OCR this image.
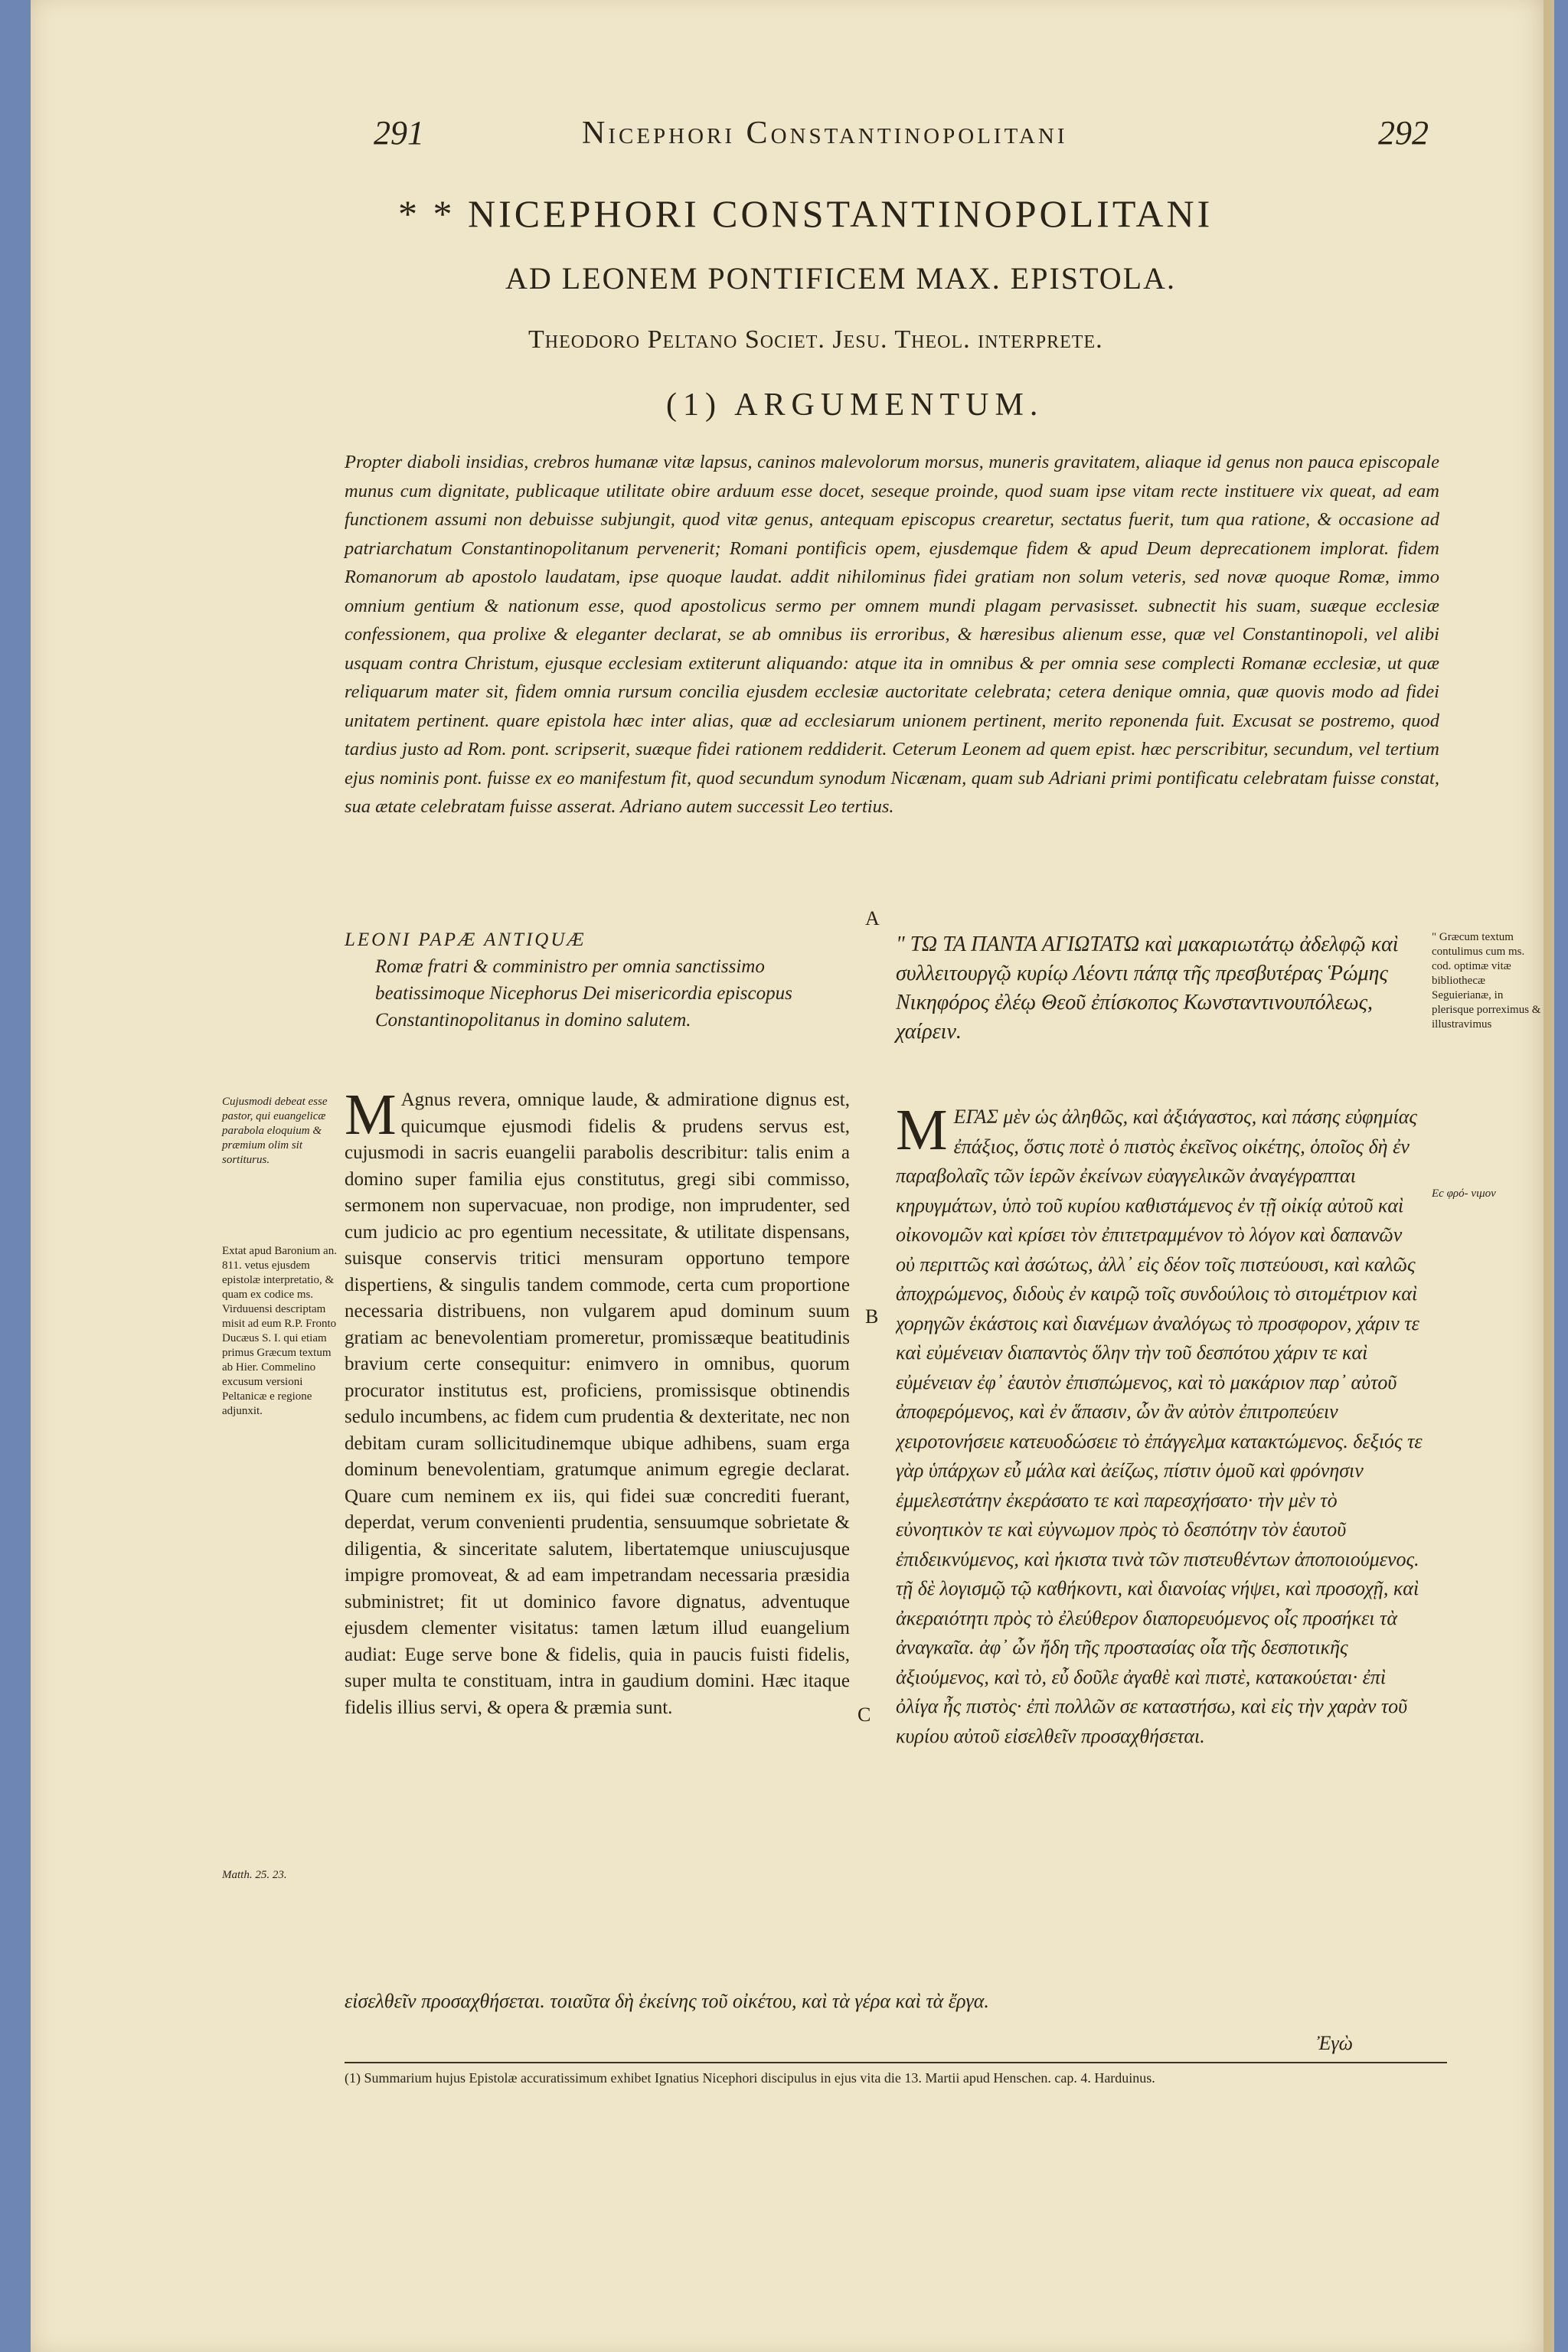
291	Nicephori Constantinopolitani	292
* * NICEPHORI CONSTANTINOPOLITANI
AD LEONEM PONTIFICEM MAX. EPISTOLA.
Theodoro Peltano Societ. Jesu. Theol. interprete.
(1) ARGUMENTUM.
Propter diaboli insidias, crebros humanæ vitæ lapsus, caninos malevolorum morsus, muneris gravitatem, aliaque id genus non pauca episcopale munus cum dignitate, publicaque utilitate obire arduum esse docet, seseque proinde, quod suam ipse vitam recte instituere vix queat, ad eam functionem assumi non debuisse subjungit, quod vitæ genus, antequam episcopus crearetur, sectatus fuerit, tum qua ratione, & occasione ad patriarchatum Constantinopolitanum pervenerit; Romani pontificis opem, ejusdemque fidem & apud Deum deprecationem implorat. fidem Romanorum ab apostolo laudatam, ipse quoque laudat. addit nihilominus fidei gratiam non solum veteris, sed novæ quoque Romæ, immo omnium gentium & nationum esse, quod apostolicus sermo per omnem mundi plagam pervasisset. subnectit his suam, suæque ecclesiæ confessionem, qua prolixe & eleganter declarat, se ab omnibus iis erroribus, & hæresibus alienum esse, quæ vel Constantinopoli, vel alibi usquam contra Christum, ejusque ecclesiam extiterunt aliquando: atque ita in omnibus & per omnia sese complecti Romanæ ecclesiæ, ut quæ reliquarum mater sit, fidem omnia rursum concilia ejusdem ecclesiæ auctoritate celebrata; cetera denique omnia, quæ quovis modo ad fidei unitatem pertinent. quare epistola hæc inter alias, quæ ad ecclesiarum unionem pertinent, merito reponenda fuit. Excusat se postremo, quod tardius justo ad Rom. pont. scripserit, suæque fidei rationem reddiderit. Ceterum Leonem ad quem epist. hæc perscribitur, secundum, vel tertium ejus nominis pont. fuisse ex eo manifestum fit, quod secundum synodum Nicænam, quam sub Adriani primi pontificatu celebratam fuisse constat, sua ætate celebratam fuisse asserat. Adriano autem successit Leo tertius.
A
B
C
LEONI PAPÆ ANTIQUÆ
Romæ fratri & comministro per omnia sanctissimo beatissimoque Nicephorus Dei misericordia episcopus Constantinopolitanus in domino salutem.
M Agnus revera, omnique laude, & admiratione dignus est, quicumque ejusmodi fidelis & prudens servus est, cujusmodi in sacris euangelii parabolis describitur: talis enim a domino super familia ejus constitutus, gregi sibi commisso, sermonem non supervacuae, non prodige, non imprudenter, sed cum judicio ac pro egentium necessitate, & utilitate dispensans, suisque conservis tritici mensuram opportuno tempore dispertiens, & singulis tandem commode, certa cum proportione necessaria distribuens, non vulgarem apud dominum suum gratiam ac benevolentiam promeretur, promissæque beatitudinis bravium certe consequitur: enimvero in omnibus, quorum procurator institutus est, proficiens, promissisque obtinendis sedulo incumbens, ac fidem cum prudentia & dexteritate, nec non debitam curam sollicitudinemque ubique adhibens, suam erga dominum benevolentiam, gratumque animum egregie declarat. Quare cum neminem ex iis, qui fidei suæ concrediti fuerant, deperdat, verum convenienti prudentia, sensuumque sobrietate & diligentia, & sinceritate salutem, libertatemque uniuscujusque impigre promoveat, & ad eam impetrandam necessaria præsidia subministret; fit ut dominico favore dignatus, adventuque ejusdem clementer visitatus: tamen lætum illud euangelium audiat: Euge serve bone & fidelis, quia in paucis fuisti fidelis, super multa te constituam, intra in gaudium domini. Hæc itaque fidelis illius servi, & opera & præmia sunt.
" ΤΩ ΤΑ ΠΑΝΤΑ ΑΓΙΩΤΑΤΩ καὶ μακαριωτάτῳ ἀδελφῷ καὶ συλλειτουργῷ κυρίῳ Λέοντι πάπᾳ τῆς πρεσβυτέρας Ῥώμης Νικηφόρος ἐλέῳ Θεοῦ ἐπίσκοπος Κωνσταντινουπόλεως, χαίρειν.
Μ ΕΓΑΣ μὲν ὡς ἀληθῶς, καὶ ἀξιάγαστος, καὶ πάσης εὐφημίας ἐπάξιος, ὅστις ποτὲ ὁ πιστὸς ἐκεῖνος οἰκέτης, ὁποῖος δὴ ἐν παραβολαῖς τῶν ἱερῶν ἐκείνων εὐαγγελικῶν ἀναγέγραπται κηρυγμάτων, ὑπὸ τοῦ κυρίου καθιστάμενος ἐν τῇ οἰκίᾳ αὐτοῦ καὶ οἰκονομῶν καὶ κρίσει τὸν ἐπιτετραμμένον τὸ λόγον καὶ δαπανῶν οὐ περιττῶς καὶ ἀσώτως, ἀλλ᾽ εἰς δέον τοῖς πιστεύουσι, καὶ καλῶς ἀποχρώμενος, διδοὺς ἐν καιρῷ τοῖς συνδούλοις τὸ σιτομέτριον καὶ χορηγῶν ἑκάστοις καὶ διανέμων ἀναλόγως τὸ προσφορον, χάριν τε καὶ εὐμένειαν διαπαντὸς ὅλην τὴν τοῦ δεσπότου χάριν τε καὶ εὐμένειαν ἐφ᾽ ἑαυτὸν ἐπισπώμενος, καὶ τὸ μακάριον παρ᾽ αὐτοῦ ἀποφερόμενος, καὶ ἐν ἅπασιν, ὧν ἂν αὐτὸν ἐπιτροπεύειν χειροτονήσειε κατευοδώσειε τὸ ἐπάγγελμα κατακτώμενος. δεξιός τε γὰρ ὑπάρχων εὖ μάλα καὶ ἀείζως, πίστιν ὁμοῦ καὶ φρόνησιν ἐμμελεστάτην ἐκεράσατο τε καὶ παρεσχήσατο· τὴν μὲν τὸ εὐνοητικὸν τε καὶ εὐγνωμον πρὸς τὸ δεσπότην τὸν ἑαυτοῦ ἐπιδεικνύμενος, καὶ ἡκιστα τινὰ τῶν πιστευθέντων ἀποποιούμενος. τῇ δὲ λογισμῷ τῷ καθήκοντι, καὶ διανοίας νήψει, καὶ προσοχῇ, καὶ ἀκεραιότητι πρὸς τὸ ἐλεύθερον διαπορευόμενος οἷς προσήκει τὰ ἀναγκαῖα. ἀφ᾽ ὧν ἤδη τῆς προστασίας οἷα τῆς δεσποτικῆς ἀξιούμενος, καὶ τὸ, εὖ δοῦλε ἀγαθὲ καὶ πιστὲ, κατακούεται· ἐπὶ ὀλίγα ἦς πιστὸς· ἐπὶ πολλῶν σε καταστήσω, καὶ εἰς τὴν χαρὰν τοῦ κυρίου αὐτοῦ εἰσελθεῖν προσαχθήσεται.
εἰσελθεῖν προσαχθήσεται. τοιαῦτα δὴ ἐκείνης τοῦ οἰκέτου, καὶ τὰ γέρα καὶ τὰ ἔργα.
Ἐγὼ
Cujusmodi debeat esse pastor, qui euangelicæ parabola eloquium & præmium olim sit sortiturus.
Extat apud Baronium an. 811. vetus ejusdem epistolæ interpretatio, & quam ex codice ms. Virduuensi descriptam misit ad eum R.P. Fronto Ducæus S. I. qui etiam primus Græcum textum ab Hier. Commelino excusum versioni Peltanicæ e regione adjunxit.
Matth. 25. 23.
" Græcum textum contulimus cum ms. cod. optimæ vitæ bibliothecæ Seguierianæ, in plerisque porreximus & illustravimus
Ec φρό- νιμον
(1) Summarium hujus Epistolæ accuratissimum exhibet Ignatius Nicephori discipulus in ejus vita die 13. Martii apud Henschen. cap. 4. Harduinus.
